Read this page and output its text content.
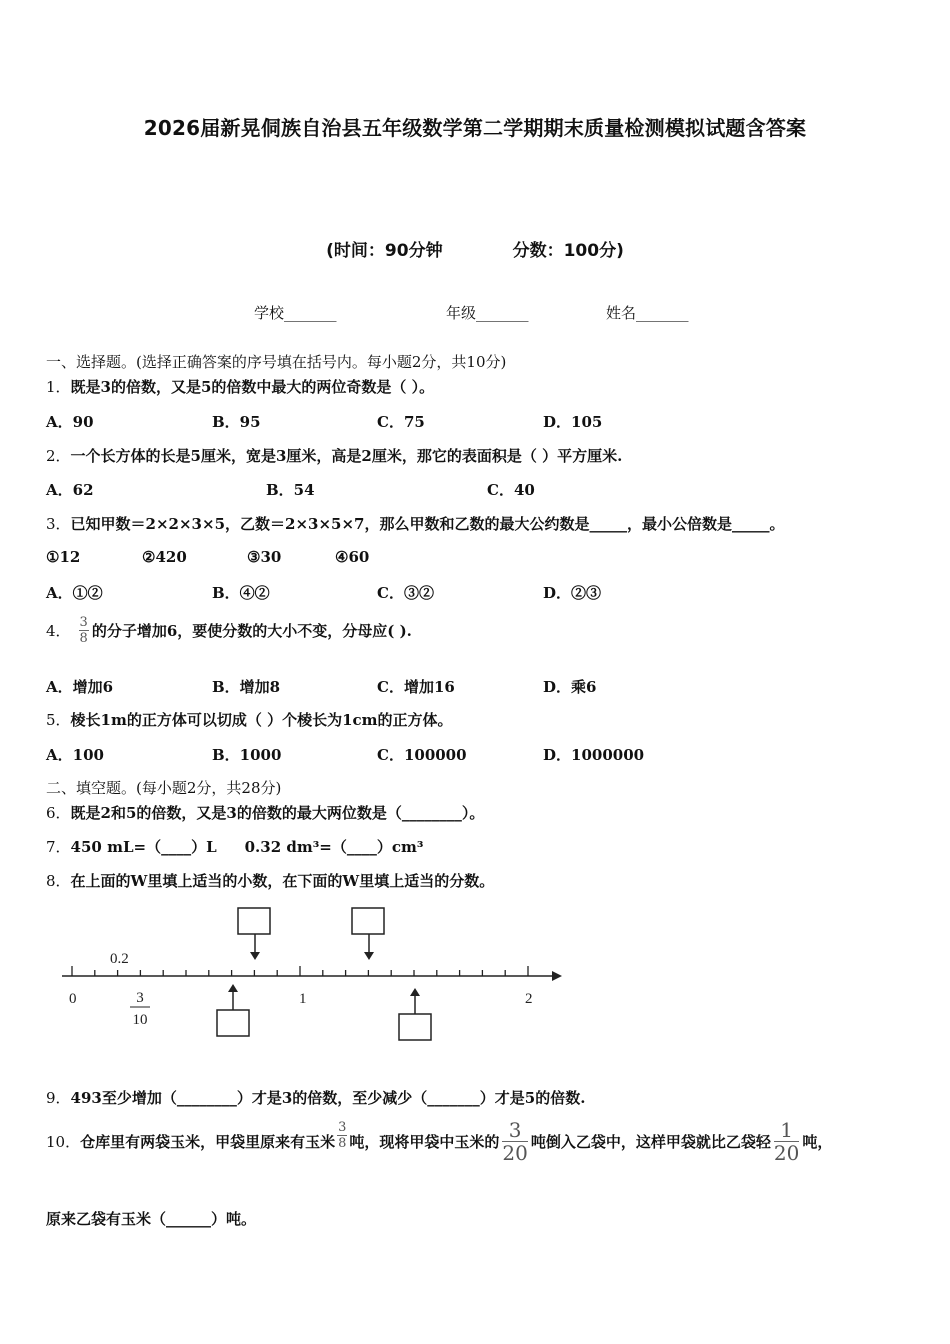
2026届新晃侗族自治县五年级数学第二学期期末质量检测模拟试题含答案
(时间：90分钟	分数：100分)
学校_______	年级_______	姓名_______
一、选择题。(选择正确答案的序号填在括号内。每小题2分，共10分)
1．既是3的倍数，又是5的倍数中最大的两位奇数是（ ）。
A．90	B．95	C．75	D．105
2．一个长方体的长是5厘米，宽是3厘米，高是2厘米，那它的表面积是（ ）平方厘米.
A．62	B．54	C．40
3．已知甲数＝2×2×3×5，乙数＝2×3×5×7，那么甲数和乙数的最大公约数是_____，最小公倍数是_____。
①12	②420	③30	④60
A．①②	B．④②	C．③②	D．②③
4． $\frac{3}{8}$ 的分子增加6，要使分数的大小不变，分母应( ).
A．增加6	B．增加8	C．增加16	D．乘6
5．棱长1m的正方体可以切成（ ）个棱长为1cm的正方体。
A．100	B．1000	C．100000	D．1000000
二、填空题。(每小题2分，共28分)
6．既是2和5的倍数，又是3的倍数的最大两位数是（________）。
7．450 mL=（____）L 0.32 dm³=（____）cm³
8．在上面的W里填上适当的小数，在下面的W里填上适当的分数。
0.2
0	1	2
3
10
9．493至少增加（________）才是3的倍数，至少减少（_______）才是5的倍数.
10．仓库里有两袋玉米，甲袋里原来有玉米 $\frac{3}{8}$ 吨，现将甲袋中玉米的 $\frac{3}{20}$ 吨倒入乙袋中，这样甲袋就比乙袋轻 $\frac{1}{20}$ 吨，
原来乙袋有玉米（______）吨。
